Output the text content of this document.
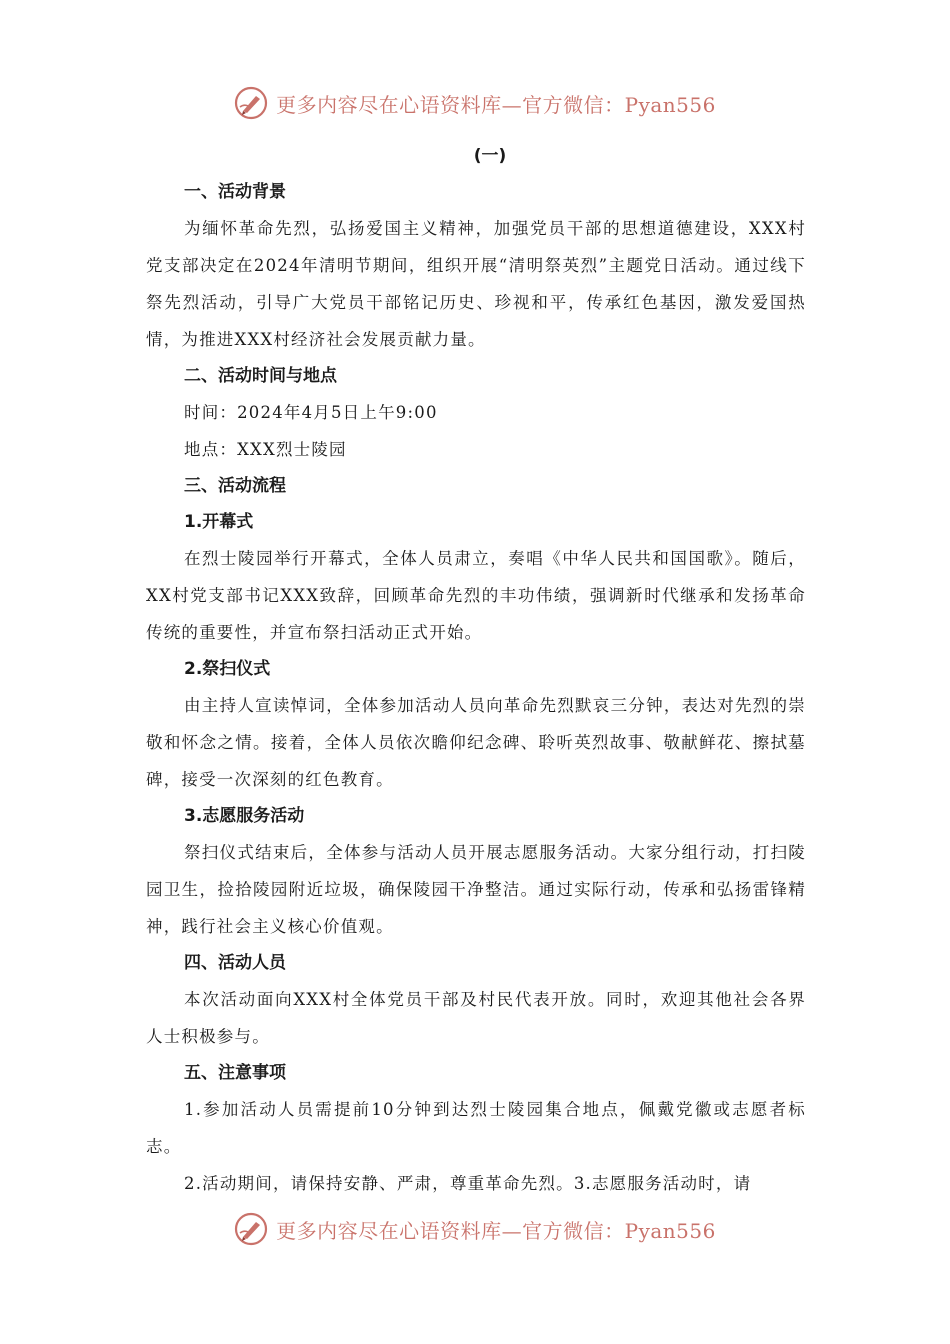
更多内容尽在心语资料库—官方微信：Pyan556
(一)

一、活动背景

为缅怀革命先烈，弘扬爱国主义精神，加强党员干部的思想道德建设，XXX村党支部决定在2024年清明节期间，组织开展“清明祭英烈”主题党日活动。通过线下祭先烈活动，引导广大党员干部铭记历史、珍视和平，传承红色基因，激发爱国热情，为推进XXX村经济社会发展贡献力量。

二、活动时间与地点

时间：2024年4月5日上午9:00

地点：XXX烈士陵园

三、活动流程

1.开幕式

在烈士陵园举行开幕式，全体人员肃立，奏唱《中华人民共和国国歌》。随后，XX村党支部书记XXX致辞，回顾革命先烈的丰功伟绩，强调新时代继承和发扬革命传统的重要性，并宣布祭扫活动正式开始。

2.祭扫仪式

由主持人宣读悼词，全体参加活动人员向革命先烈默哀三分钟，表达对先烈的崇敬和怀念之情。接着，全体人员依次瞻仰纪念碑、聆听英烈故事、敬献鲜花、擦拭墓碑，接受一次深刻的红色教育。

3.志愿服务活动

祭扫仪式结束后，全体参与活动人员开展志愿服务活动。大家分组行动，打扫陵园卫生，捡拾陵园附近垃圾，确保陵园干净整洁。通过实际行动，传承和弘扬雷锋精神，践行社会主义核心价值观。

四、活动人员

本次活动面向XXX村全体党员干部及村民代表开放。同时，欢迎其他社会各界人士积极参与。

五、注意事项

1.参加活动人员需提前10分钟到达烈士陵园集合地点，佩戴党徽或志愿者标志。

2.活动期间，请保持安静、严肃，尊重革命先烈。3.志愿服务活动时，请

更多内容尽在心语资料库—官方微信：Pyan556
